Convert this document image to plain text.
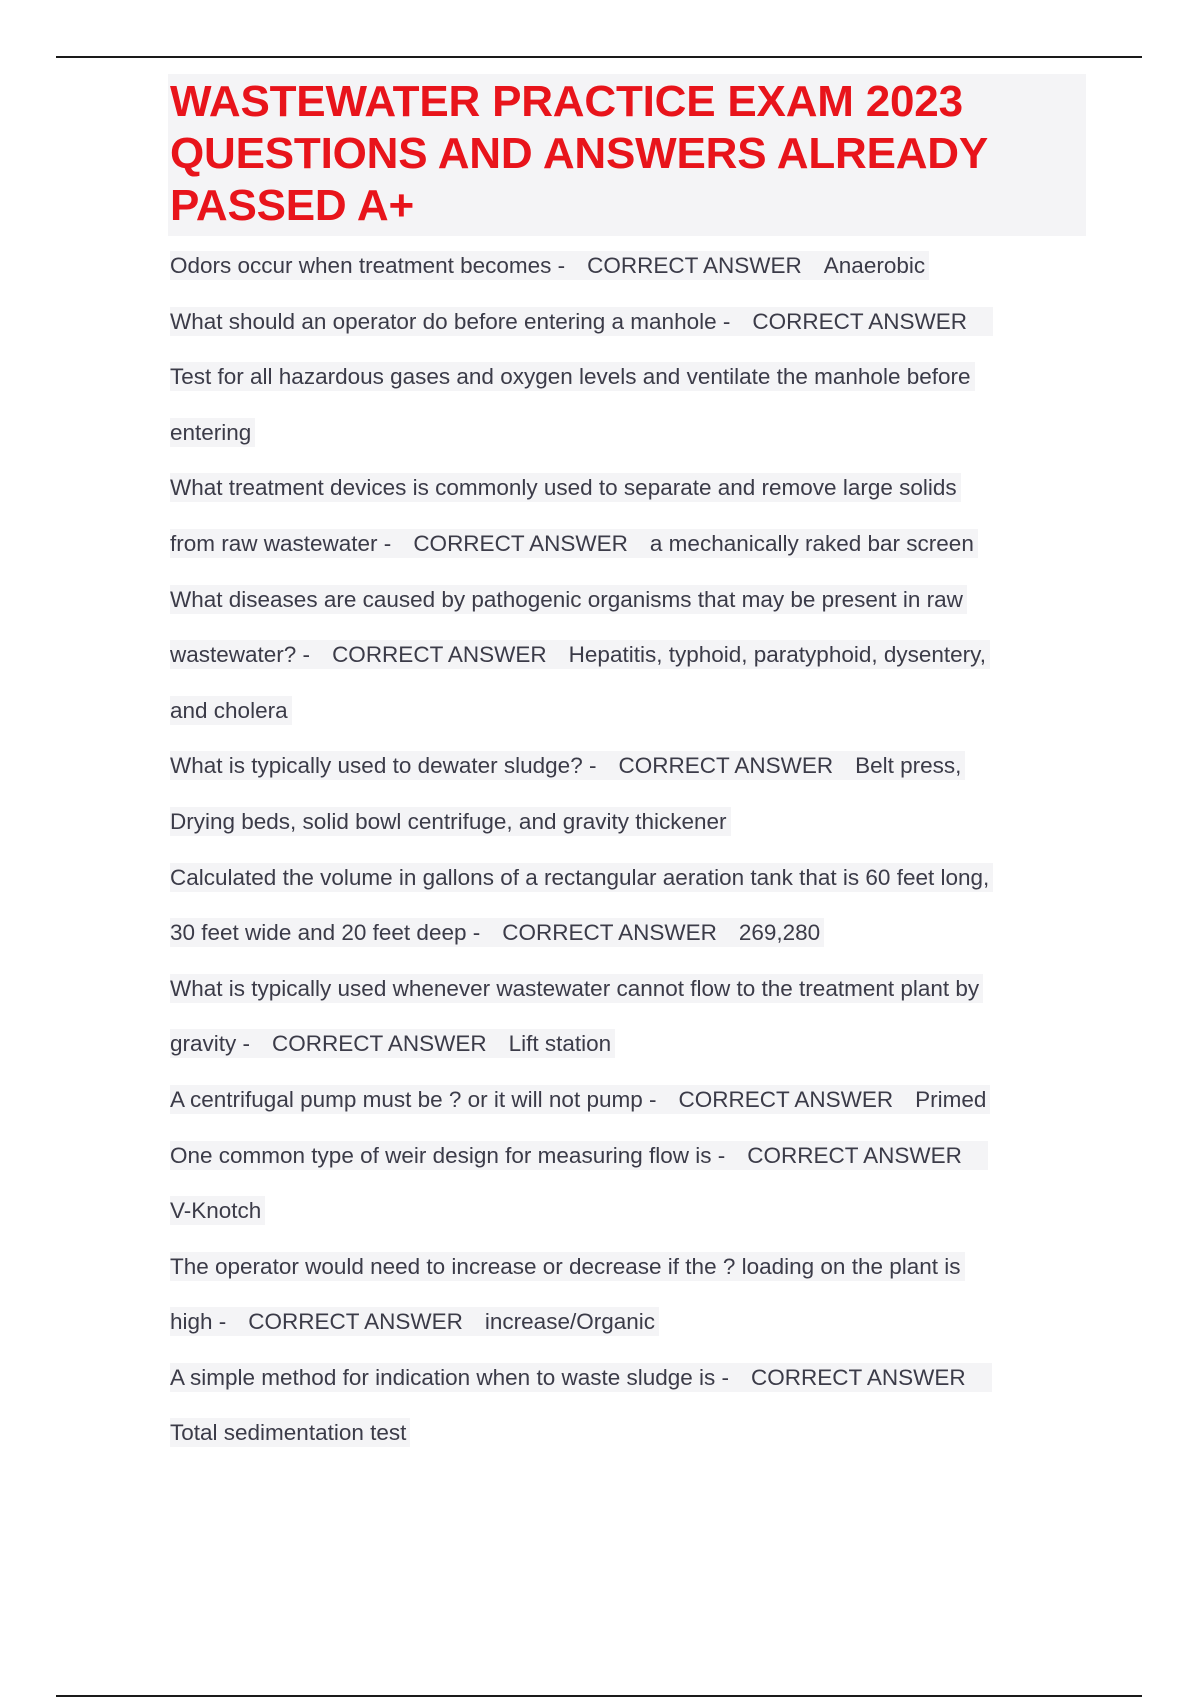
WASTEWATER PRACTICE EXAM 2023
QUESTIONS AND ANSWERS ALREADY
PASSED A+
Odors occur when treatment becomes - CORRECT ANSWER Anaerobic
What should an operator do before entering a manhole - CORRECT ANSWER
Test for all hazardous gases and oxygen levels and ventilate the manhole before
entering
What treatment devices is commonly used to separate and remove large solids
from raw wastewater - CORRECT ANSWER a mechanically raked bar screen
What diseases are caused by pathogenic organisms that may be present in raw
wastewater? - CORRECT ANSWER Hepatitis, typhoid, paratyphoid, dysentery,
and cholera
What is typically used to dewater sludge? - CORRECT ANSWER Belt press,
Drying beds, solid bowl centrifuge, and gravity thickener
Calculated the volume in gallons of a rectangular aeration tank that is 60 feet long,
30 feet wide and 20 feet deep - CORRECT ANSWER 269,280
What is typically used whenever wastewater cannot flow to the treatment plant by
gravity - CORRECT ANSWER Lift station
A centrifugal pump must be ? or it will not pump - CORRECT ANSWER Primed
One common type of weir design for measuring flow is - CORRECT ANSWER
V-Knotch
The operator would need to increase or decrease if the ? loading on the plant is
high - CORRECT ANSWER increase/Organic
A simple method for indication when to waste sludge is - CORRECT ANSWER
Total sedimentation test
